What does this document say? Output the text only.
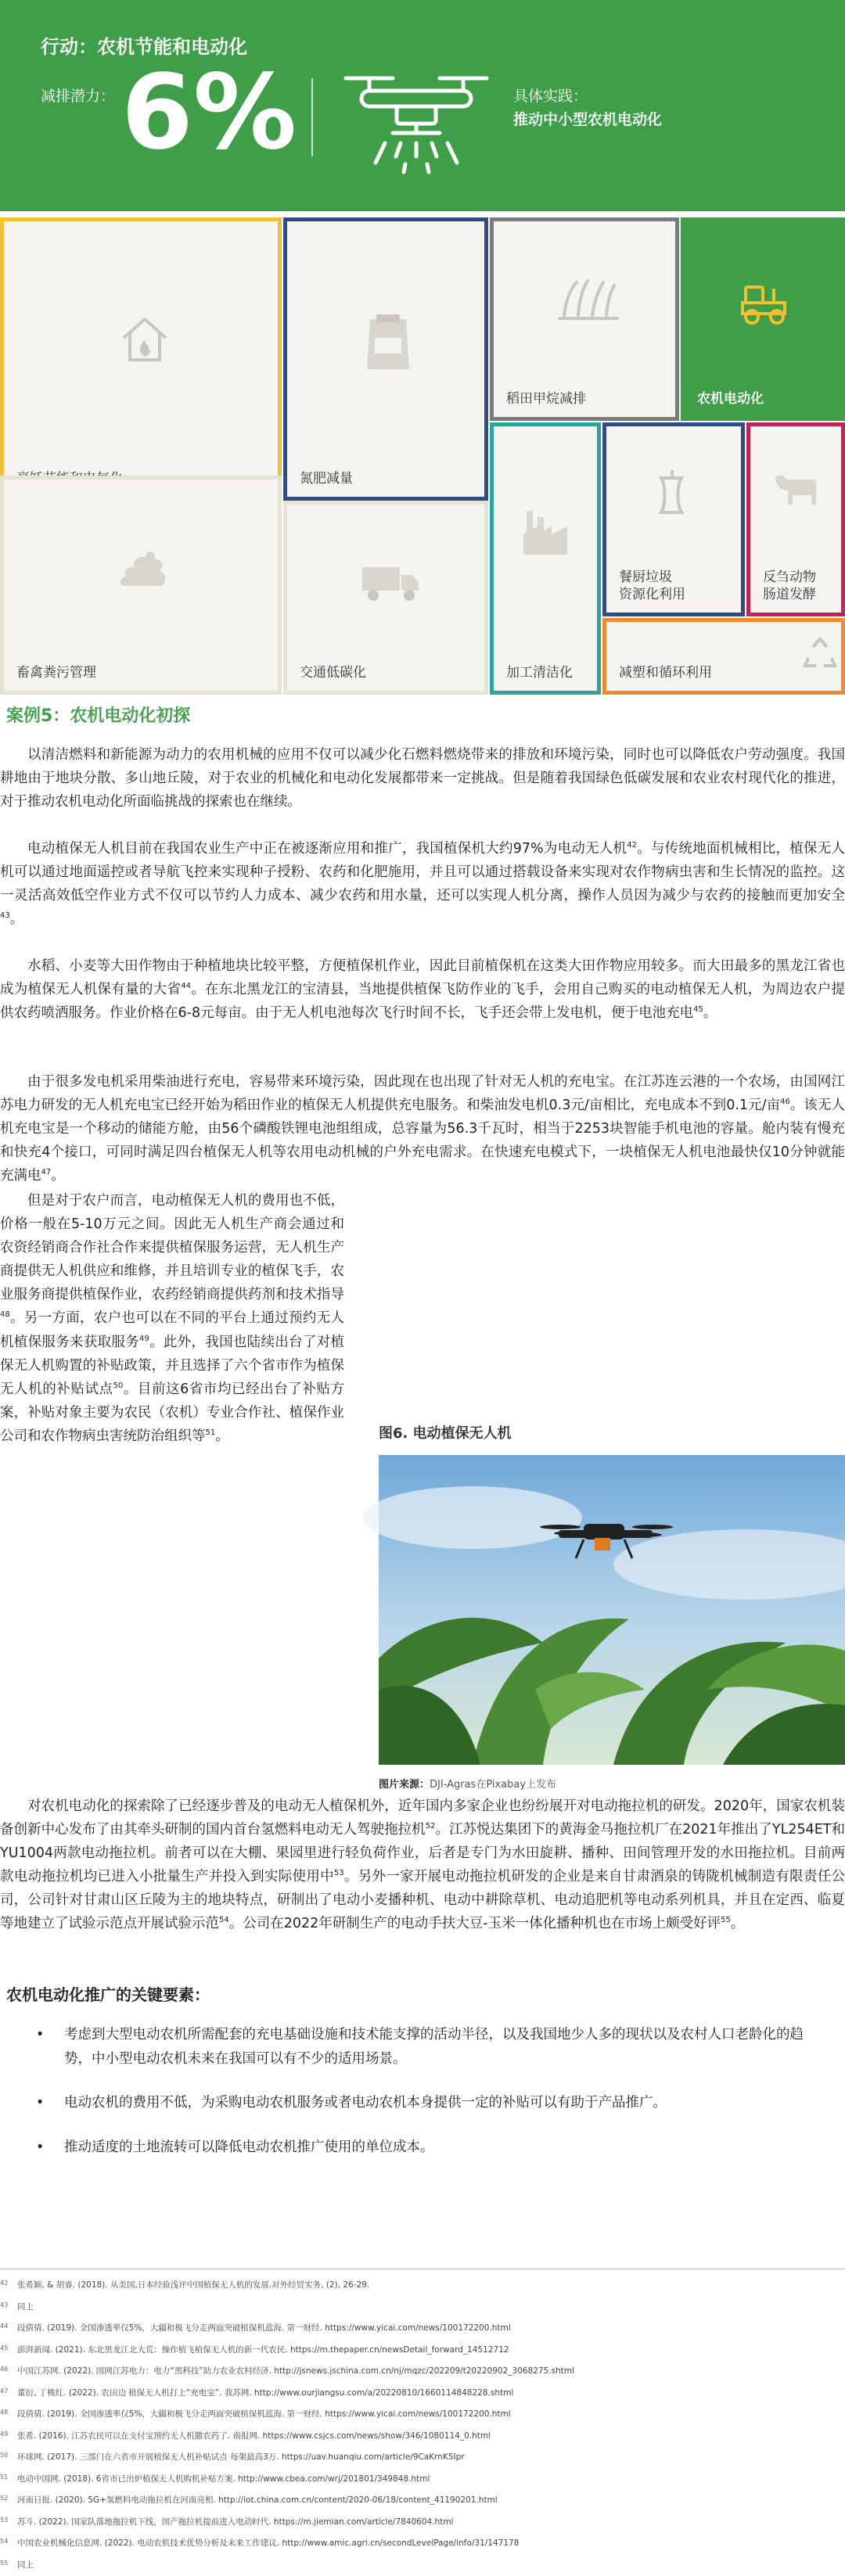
行动：农机节能和电动化
减排潜力： 6%	具体实践：
推动中小型农机电动化
氮肥减量
稻田甲烷减排	农机电动化
畜禽粪污管理	交通低碳化	加工清洁化
餐厨垃圾
资源化利用
反刍动物
肠道发酵
减塑和循环利用
案例5：农机电动化初探

以清洁燃料和新能源为动力的农用机械的应用不仅可以减少化石燃料燃烧带来的排放和环境污染，同时也可以降低农户劳动强度。我国耕地由于地块分散、多山地丘陵，对于农业的机械化和电动化发展都带来一定挑战。但是随着我国绿色低碳发展和农业农村现代化的推进，对于推动农机电动化所面临挑战的探索也在继续。

电动植保无人机目前在我国农业生产中正在被逐渐应用和推广，我国植保机大约97%为电动无人机$^{42}$。与传统地面机械相比，植保无人机可以通过地面遥控或者导航飞控来实现种子授粉、农药和化肥施用，并且可以通过搭载设备来实现对农作物病虫害和生长情况的监控。这一灵活高效低空作业方式不仅可以节约人力成本、减少农药和用水量，还可以实现人机分离，操作人员因为减少与农药的接触而更加安全$^{43}$。

水稻、小麦等大田作物由于种植地块比较平整，方便植保机作业，因此目前植保机在这类大田作物应用较多。而大田最多的黑龙江省也成为植保无人机保有量的大省$^{44}$。在东北黑龙江的宝清县，当地提供植保飞防作业的飞手，会用自己购买的电动植保无人机，为周边农户提供农药喷洒服务。作业价格在6-8元每亩。由于无人机电池每次飞行时间不长，飞手还会带上发电机，便于电池充电$^{45}$。

由于很多发电机采用柴油进行充电，容易带来环境污染，因此现在也出现了针对无人机的充电宝。在江苏连云港的一个农场，由国网江苏电力研发的无人机充电宝已经开始为稻田作业的植保无人机提供充电服务。和柴油发电机0.3元/亩相比，充电成本不到0.1元/亩$^{46}$。该无人机充电宝是一个移动的储能方舱，由56个磷酸铁锂电池组组成，总容量为56.3千瓦时，相当于2253块智能手机电池的容量。舱内装有慢充和快充4个接口，可同时满足四台植保无人机等农用电动机械的户外充电需求。在快速充电模式下，一块植保无人机电池最快仅10分钟就能充满电$^{47}$。

但是对于农户而言，电动植保无人机的费用也不低，价格一般在5-10万元之间。因此无人机生产商会通过和农资经销商合作社合作来提供植保服务运营，无人机生产商提供无人机供应和维修，并且培训专业的植保飞手，农业服务商提供植保作业，农药经销商提供药剂和技术指导$^{48}$。另一方面，农户也可以在不同的平台上通过预约无人机植保服务来获取服务$^{49}$。此外，我国也陆续出台了对植保无人机购置的补贴政策，并且选择了六个省市作为植保无人机的补贴试点$^{50}$。目前这6省市均已经出台了补贴方案，补贴对象主要为农民（农机）专业合作社、植保作业公司和农作物病虫害统防治组织等$^{51}$。	图6. 电动植保无人机
图片来源：DJI-Agras在Pixabay上发布

对农机电动化的探索除了已经逐步普及的电动无人植保机外，近年国内多家企业也纷纷展开对电动拖拉机的研发。2020年，国家农机装备创新中心发布了由其牵头研制的国内首台氢燃料电动无人驾驶拖拉机$^{52}$。江苏悦达集团下的黄海金马拖拉机厂在2021年推出了YL254ET和YU1004两款电动拖拉机。前者可以在大棚、果园里进行轻负荷作业，后者是专门为水田旋耕、播种、田间管理开发的水田拖拉机。目前两款电动拖拉机均已进入小批量生产并投入到实际使用中$^{53}$。另外一家开展电动拖拉机研发的企业是来自甘肃酒泉的铸陇机械制造有限责任公司，公司针对甘肃山区丘陵为主的地块特点，研制出了电动小麦播种机、电动中耕除草机、电动追肥机等电动系列机具，并且在定西、临夏等地建立了试验示范点开展试验示范$^{54}$。公司在2022年研制生产的电动手扶大豆-玉米一体化播种机也在市场上颇受好评$^{55}$。

农机电动化推广的关键要素：
• 考虑到大型电动农机所需配套的充电基础设施和技术能支撑的活动半径，以及我国地少人多的现状以及农村人口老龄化的趋势，中小型电动农机未来在我国可以有不少的适用场景。
• 电动农机的费用不低，为采购电动农机服务或者电动农机本身提供一定的补贴可以有助于产品推广。
• 推动适度的土地流转可以降低电动农机推广使用的单位成本。
42 张希颖, & 胡睿. (2018). 从美国,日本经验浅评中国植保无人机的发展.对外经贸实务, (2), 26-29.
43 同上
44 段倩倩. (2019). 全国渗透率仅5%，大疆和极飞分走两面突破植保机蓝海. 第一财经. https://www.yicai.com/news/100172200.html
45 澎湃新闻. (2021). 东北黑龙江北大荒：操作植飞植保无人机的新一代农民. https://m.thepaper.cn/newsDetail_forward_14512712
46 中国江苏网. (2022). 国网江苏电力：电力“黑科技”助力农业农村经济. http://jsnews.jschina.com.cn/nj/mqzc/202209/t20220902_3068275.shtml
47 董衍, 丁桃红. (2022). 农田边 植保无人机打上“充电宝”. 我苏网. http://www.ourjiangsu.com/a/20220810/1660114848228.shtml
48 段倩倩. (2019). 全国渗透率仅5%，大疆和极飞分走两面突破植保机蓝海. 第一财经. https://www.yicai.com/news/100172200.html
49 张希. (2016). 江苏农民可以在支付宝预约无人机撒农药了. 南报网. https://www.csjcs.com/news/show/346/1080114_0.html
50 环球网. (2017). 三部门在六省市开展植保无人机补贴试点 每架最高3万. https://uav.huanqiu.com/article/9CaKrnK5Ipr
51 电动中国网. (2018). 6省市已出炉植保无人机购机补贴方案. http://www.cbea.com/wrj/201801/349848.html
52 河南日报. (2020). 5G+氢燃料电动拖拉机在河南亮相. http://iot.china.com.cn/content/2020-06/18/content_41190201.html
53 苏斗. (2022). 国家队落地拖拉机下线，国产拖拉机提前进入电动时代. https://m.jiemian.com/article/7840604.html
54 中国农业机械化信息网. (2022). 电动农机技术优势分析及未来工作建议. http://www.amic.agri.cn/secondLevelPage/info/31/147178
55 同上
